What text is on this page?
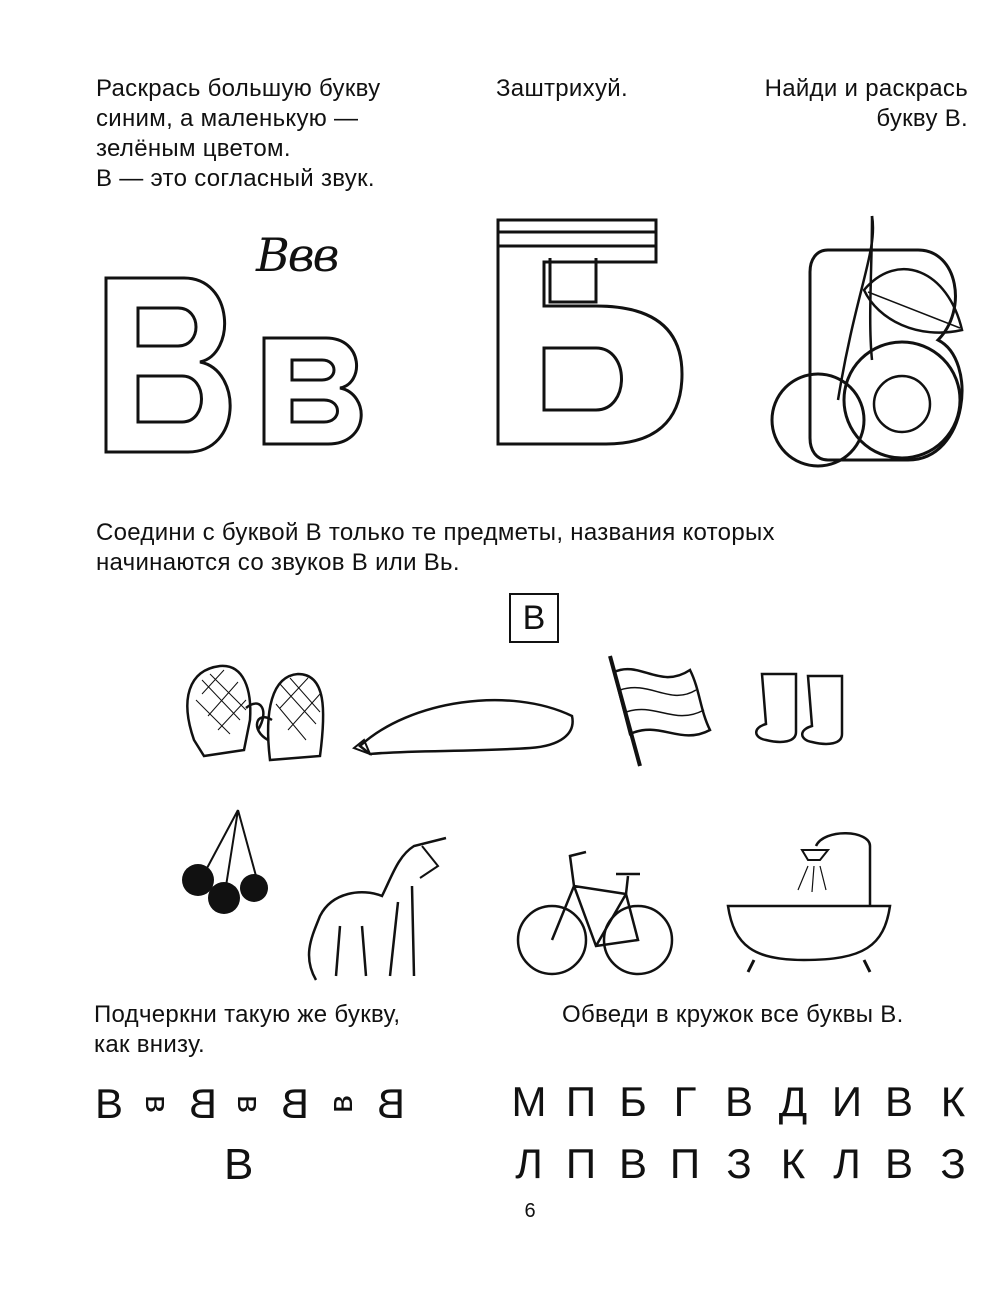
Раскрась большую букву
синим, а маленькую —
зелёным цветом.
В — это согласный звук.
Заштрихуй.	Найди и раскрась
букву В.
Ввв
Соедини с буквой В только те предметы, названия которых
начинаются со звуков В или Вь.
В
Подчеркни такую же букву,
как внизу.
Обведи в кружок все буквы В.
В в В в В в В
В
М П Б Г В Д И В К
Л П В П З К Л В З
6
